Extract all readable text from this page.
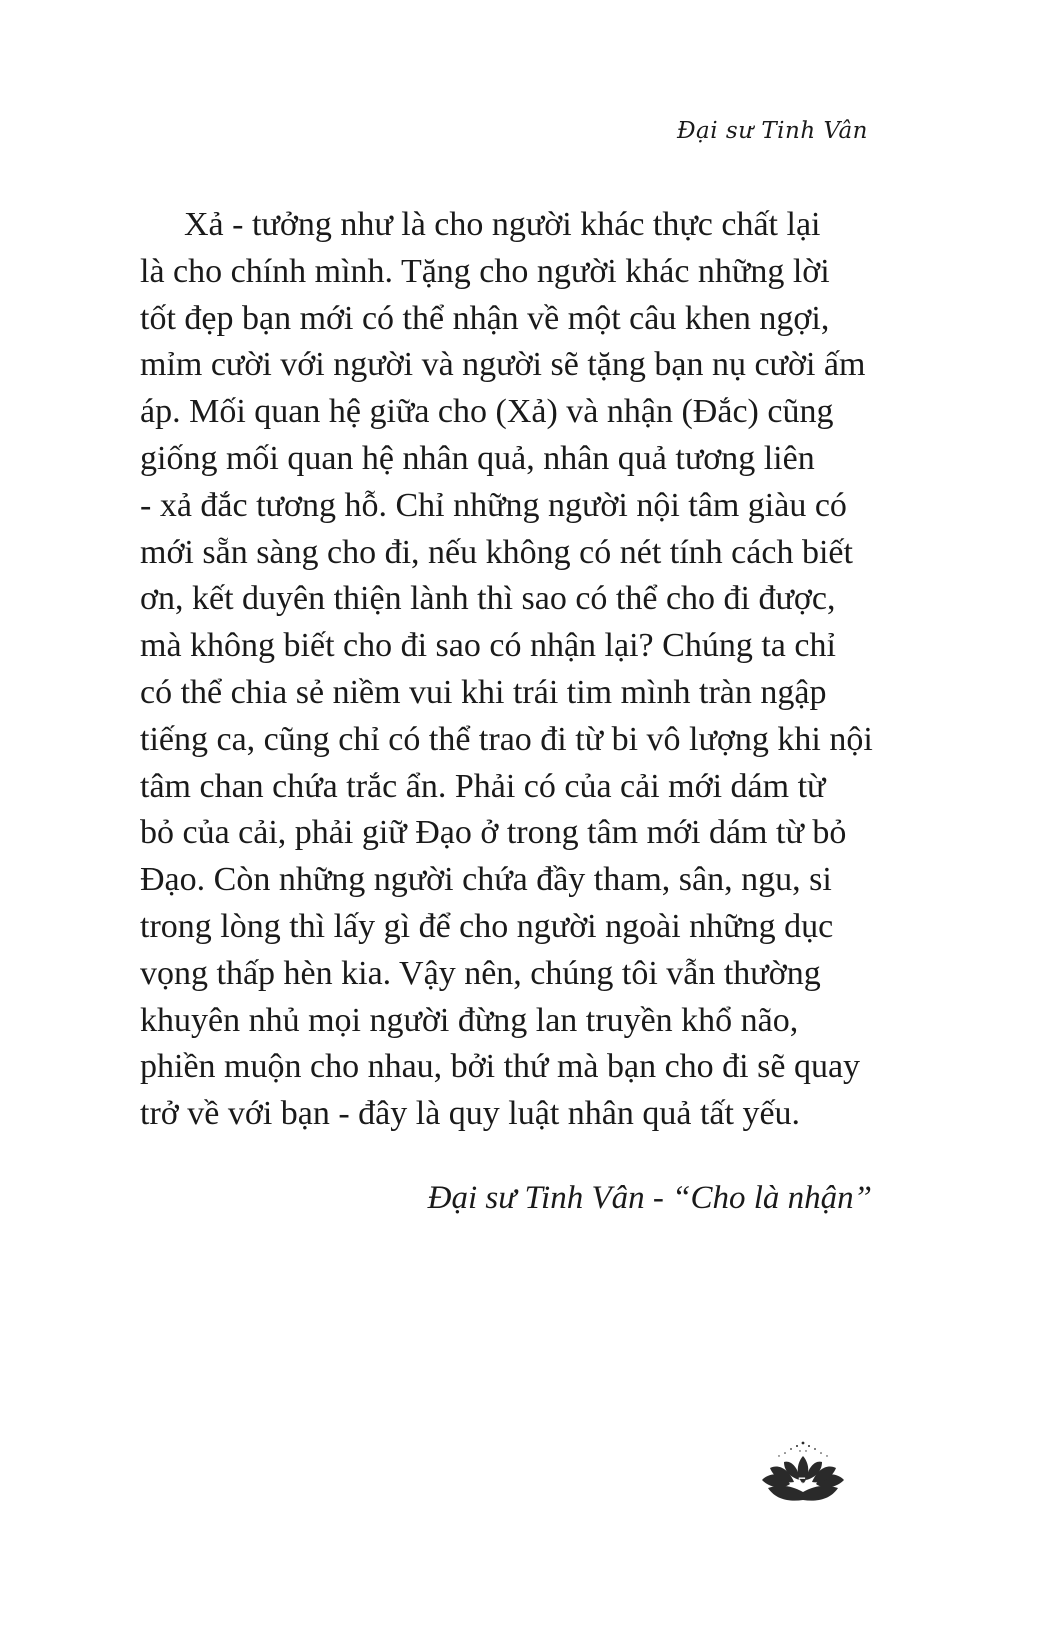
Đại sư Tinh Vân

Xả - tưởng như là cho người khác thực chất lại
là cho chính mình. Tặng cho người khác những lời
tốt đẹp bạn mới có thể nhận về một câu khen ngợi,
mỉm cười với người và người sẽ tặng bạn nụ cười ấm
áp. Mối quan hệ giữa cho (Xả) và nhận (Đắc) cũng
giống mối quan hệ nhân quả, nhân quả tương liên
- xả đắc tương hỗ. Chỉ những người nội tâm giàu có
mới sẵn sàng cho đi, nếu không có nét tính cách biết
ơn, kết duyên thiện lành thì sao có thể cho đi được,
mà không biết cho đi sao có nhận lại? Chúng ta chỉ
có thể chia sẻ niềm vui khi trái tim mình tràn ngập
tiếng ca, cũng chỉ có thể trao đi từ bi vô lượng khi nội
tâm chan chứa trắc ẩn. Phải có của cải mới dám từ
bỏ của cải, phải giữ Đạo ở trong tâm mới dám từ bỏ
Đạo. Còn những người chứa đầy tham, sân, ngu, si
trong lòng thì lấy gì để cho người ngoài những dục
vọng thấp hèn kia. Vậy nên, chúng tôi vẫn thường
khuyên nhủ mọi người đừng lan truyền khổ não,
phiền muộn cho nhau, bởi thứ mà bạn cho đi sẽ quay
trở về với bạn - đây là quy luật nhân quả tất yếu.

Đại sư Tinh Vân - “Cho là nhận”
5
